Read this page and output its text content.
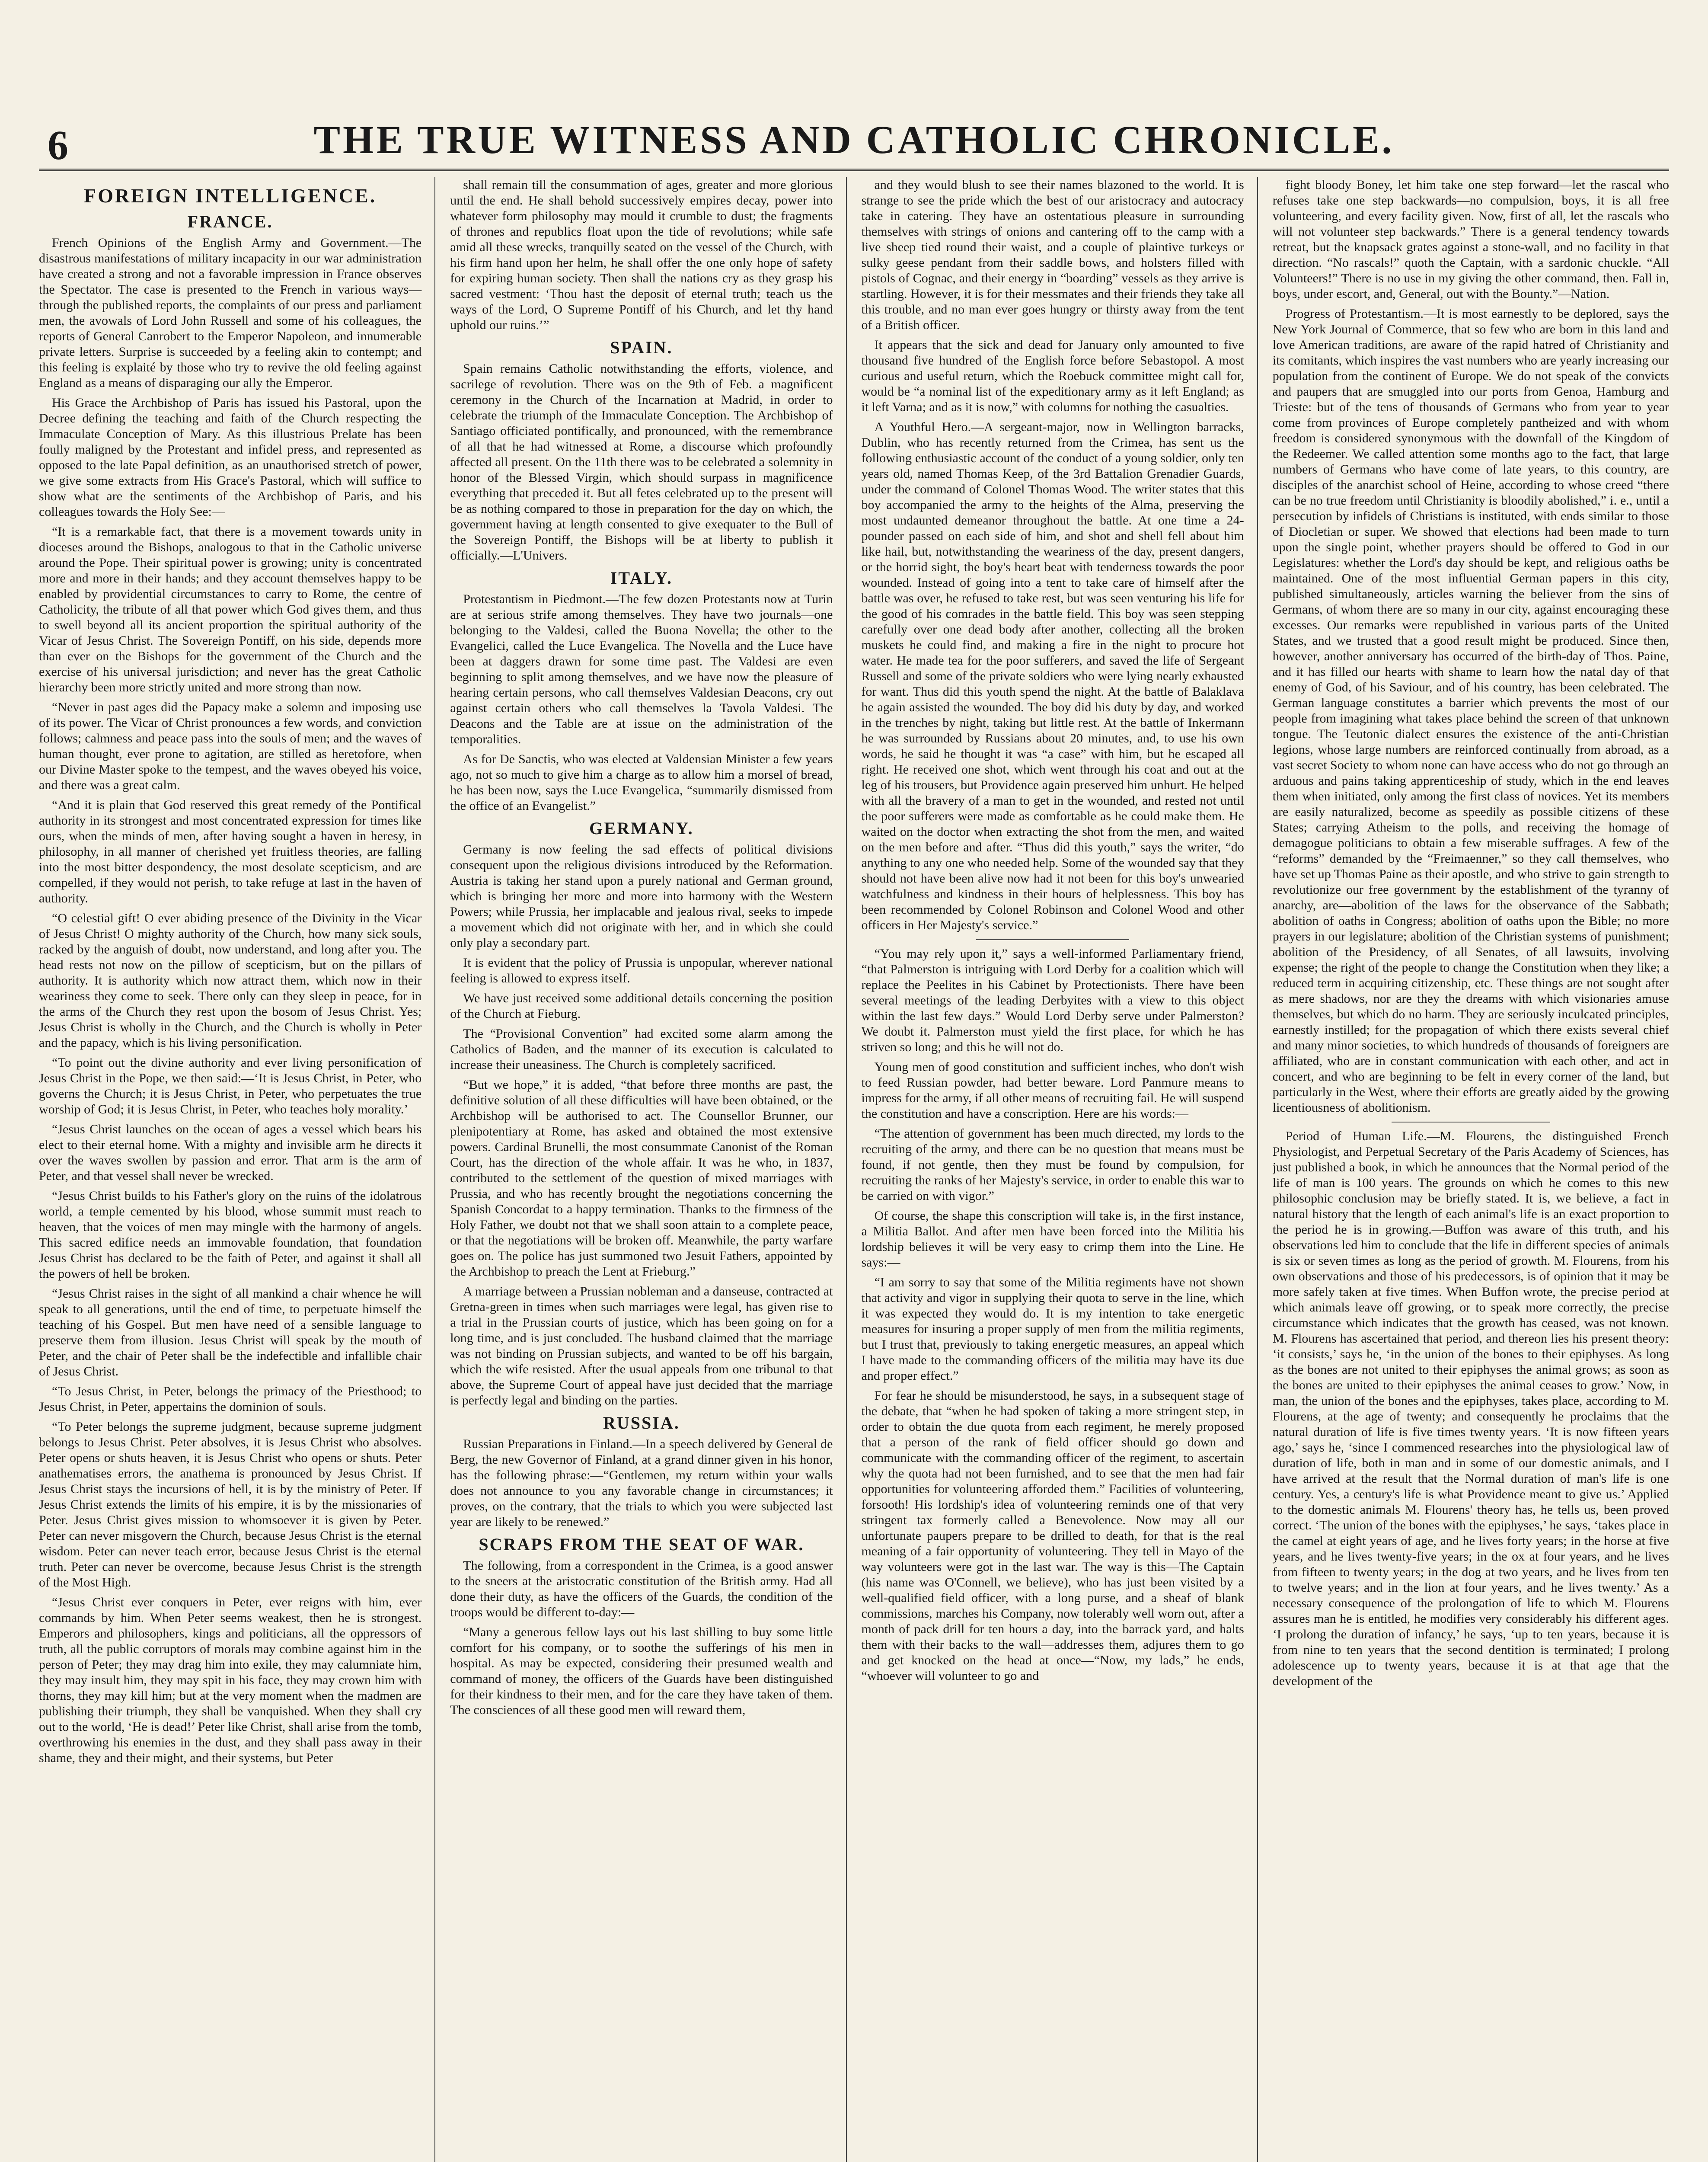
6	THE TRUE WITNESS AND CATHOLIC CHRONICLE.
FOREIGN INTELLIGENCE.
FRANCE.

French Opinions of the English Army and Government.—The disastrous manifestations of military incapacity in our war administration have created a strong and not a favorable impression in France observes the Spectator. The case is presented to the French in various ways—through the published reports, the complaints of our press and parliament men, the avowals of Lord John Russell and some of his colleagues, the reports of General Canrobert to the Emperor Napoleon, and innumerable private letters. Surprise is succeeded by a feeling akin to contempt; and this feeling is explaité by those who try to revive the old feeling against England as a means of disparaging our ally the Emperor.

His Grace the Archbishop of Paris has issued his Pastoral, upon the Decree defining the teaching and faith of the Church respecting the Immaculate Conception of Mary. As this illustrious Prelate has been foully maligned by the Protestant and infidel press, and represented as opposed to the late Papal definition, as an unauthorised stretch of power, we give some extracts from His Grace's Pastoral, which will suffice to show what are the sentiments of the Archbishop of Paris, and his colleagues towards the Holy See:—

“It is a remarkable fact, that there is a movement towards unity in dioceses around the Bishops, analogous to that in the Catholic universe around the Pope. Their spiritual power is growing; unity is concentrated more and more in their hands; and they account themselves happy to be enabled by providential circumstances to carry to Rome, the centre of Catholicity, the tribute of all that power which God gives them, and thus to swell beyond all its ancient proportion the spiritual authority of the Vicar of Jesus Christ. The Sovereign Pontiff, on his side, depends more than ever on the Bishops for the government of the Church and the exercise of his universal jurisdiction; and never has the great Catholic hierarchy been more strictly united and more strong than now.

“Never in past ages did the Papacy make a solemn and imposing use of its power. The Vicar of Christ pronounces a few words, and conviction follows; calmness and peace pass into the souls of men; and the waves of human thought, ever prone to agitation, are stilled as heretofore, when our Divine Master spoke to the tempest, and the waves obeyed his voice, and there was a great calm.

“And it is plain that God reserved this great remedy of the Pontifical authority in its strongest and most concentrated expression for times like ours, when the minds of men, after having sought a haven in heresy, in philosophy, in all manner of cherished yet fruitless theories, are falling into the most bitter despondency, the most desolate scepticism, and are compelled, if they would not perish, to take refuge at last in the haven of authority.

“O celestial gift! O ever abiding presence of the Divinity in the Vicar of Jesus Christ! O mighty authority of the Church, how many sick souls, racked by the anguish of doubt, now understand, and long after you. The head rests not now on the pillow of scepticism, but on the pillars of authority. It is authority which now attract them, which now in their weariness they come to seek. There only can they sleep in peace, for in the arms of the Church they rest upon the bosom of Jesus Christ. Yes; Jesus Christ is wholly in the Church, and the Church is wholly in Peter and the papacy, which is his living personification.

“To point out the divine authority and ever living personification of Jesus Christ in the Pope, we then said:—‘It is Jesus Christ, in Peter, who governs the Church; it is Jesus Christ, in Peter, who perpetuates the true worship of God; it is Jesus Christ, in Peter, who teaches holy morality.’

“Jesus Christ launches on the ocean of ages a vessel which bears his elect to their eternal home. With a mighty and invisible arm he directs it over the waves swollen by passion and error. That arm is the arm of Peter, and that vessel shall never be wrecked.

“Jesus Christ builds to his Father's glory on the ruins of the idolatrous world, a temple cemented by his blood, whose summit must reach to heaven, that the voices of men may mingle with the harmony of angels. This sacred edifice needs an immovable foundation, that foundation Jesus Christ has declared to be the faith of Peter, and against it shall all the powers of hell be broken.

“Jesus Christ raises in the sight of all mankind a chair whence he will speak to all generations, until the end of time, to perpetuate himself the teaching of his Gospel. But men have need of a sensible language to preserve them from illusion. Jesus Christ will speak by the mouth of Peter, and the chair of Peter shall be the indefectible and infallible chair of Jesus Christ.

“To Jesus Christ, in Peter, belongs the primacy of the Priesthood; to Jesus Christ, in Peter, appertains the dominion of souls.

“To Peter belongs the supreme judgment, because supreme judgment belongs to Jesus Christ. Peter absolves, it is Jesus Christ who absolves. Peter opens or shuts heaven, it is Jesus Christ who opens or shuts. Peter anathematises errors, the anathema is pronounced by Jesus Christ. If Jesus Christ stays the incursions of hell, it is by the ministry of Peter. If Jesus Christ extends the limits of his empire, it is by the missionaries of Peter. Jesus Christ gives mission to whomsoever it is given by Peter. Peter can never misgovern the Church, because Jesus Christ is the eternal wisdom. Peter can never teach error, because Jesus Christ is the eternal truth. Peter can never be overcome, because Jesus Christ is the strength of the Most High.

“Jesus Christ ever conquers in Peter, ever reigns with him, ever commands by him. When Peter seems weakest, then he is strongest. Emperors and philosophers, kings and politicians, all the oppressors of truth, all the public corruptors of morals may combine against him in the person of Peter; they may drag him into exile, they may calumniate him, they may insult him, they may spit in his face, they may crown him with thorns, they may kill him; but at the very moment when the madmen are publishing their triumph, they shall be vanquished. When they shall cry out to the world, ‘He is dead!’ Peter like Christ, shall arise from the tomb, overthrowing his enemies in the dust, and they shall pass away in their shame, they and their might, and their systems, but Peter

shall remain till the consummation of ages, greater and more glorious until the end. He shall behold successively empires decay, power into whatever form philosophy may mould it crumble to dust; the fragments of thrones and republics float upon the tide of revolutions; while safe amid all these wrecks, tranquilly seated on the vessel of the Church, with his firm hand upon her helm, he shall offer the one only hope of safety for expiring human society. Then shall the nations cry as they grasp his sacred vestment: ‘Thou hast the deposit of eternal truth; teach us the ways of the Lord, O Supreme Pontiff of his Church, and let thy hand uphold our ruins.’”

SPAIN.

Spain remains Catholic notwithstanding the efforts, violence, and sacrilege of revolution. There was on the 9th of Feb. a magnificent ceremony in the Church of the Incarnation at Madrid, in order to celebrate the triumph of the Immaculate Conception. The Archbishop of Santiago officiated pontifically, and pronounced, with the remembrance of all that he had witnessed at Rome, a discourse which profoundly affected all present. On the 11th there was to be celebrated a solemnity in honor of the Blessed Virgin, which should surpass in magnificence everything that preceded it. But all fetes celebrated up to the present will be as nothing compared to those in preparation for the day on which, the government having at length consented to give exequater to the Bull of the Sovereign Pontiff, the Bishops will be at liberty to publish it officially.—L'Univers.

ITALY.

Protestantism in Piedmont.—The few dozen Protestants now at Turin are at serious strife among themselves. They have two journals—one belonging to the Valdesi, called the Buona Novella; the other to the Evangelici, called the Luce Evangelica. The Novella and the Luce have been at daggers drawn for some time past. The Valdesi are even beginning to split among themselves, and we have now the pleasure of hearing certain persons, who call themselves Valdesian Deacons, cry out against certain others who call themselves la Tavola Valdesi. The Deacons and the Table are at issue on the administration of the temporalities.

As for De Sanctis, who was elected at Valdensian Minister a few years ago, not so much to give him a charge as to allow him a morsel of bread, he has been now, says the Luce Evangelica, “summarily dismissed from the office of an Evangelist.”

GERMANY.

Germany is now feeling the sad effects of political divisions consequent upon the religious divisions introduced by the Reformation. Austria is taking her stand upon a purely national and German ground, which is bringing her more and more into harmony with the Western Powers; while Prussia, her implacable and jealous rival, seeks to impede a movement which did not originate with her, and in which she could only play a secondary part.

It is evident that the policy of Prussia is unpopular, wherever national feeling is allowed to express itself.

We have just received some additional details concerning the position of the Church at Fieburg.

The “Provisional Convention” had excited some alarm among the Catholics of Baden, and the manner of its execution is calculated to increase their uneasiness. The Church is completely sacrificed.

“But we hope,” it is added, “that before three months are past, the definitive solution of all these difficulties will have been obtained, or the Archbishop will be authorised to act. The Counsellor Brunner, our plenipotentiary at Rome, has asked and obtained the most extensive powers. Cardinal Brunelli, the most consummate Canonist of the Roman Court, has the direction of the whole affair. It was he who, in 1837, contributed to the settlement of the question of mixed marriages with Prussia, and who has recently brought the negotiations concerning the Spanish Concordat to a happy termination. Thanks to the firmness of the Holy Father, we doubt not that we shall soon attain to a complete peace, or that the negotiations will be broken off. Meanwhile, the party warfare goes on. The police has just summoned two Jesuit Fathers, appointed by the Archbishop to preach the Lent at Frieburg.”

A marriage between a Prussian nobleman and a danseuse, contracted at Gretna-green in times when such marriages were legal, has given rise to a trial in the Prussian courts of justice, which has been going on for a long time, and is just concluded. The husband claimed that the marriage was not binding on Prussian subjects, and wanted to be off his bargain, which the wife resisted. After the usual appeals from one tribunal to that above, the Supreme Court of appeal have just decided that the marriage is perfectly legal and binding on the parties.

RUSSIA.

Russian Preparations in Finland.—In a speech delivered by General de Berg, the new Governor of Finland, at a grand dinner given in his honor, has the following phrase:—“Gentlemen, my return within your walls does not announce to you any favorable change in circumstances; it proves, on the contrary, that the trials to which you were subjected last year are likely to be renewed.”

SCRAPS FROM THE SEAT OF WAR.

The following, from a correspondent in the Crimea, is a good answer to the sneers at the aristocratic constitution of the British army. Had all done their duty, as have the officers of the Guards, the condition of the troops would be different to-day:—

“Many a generous fellow lays out his last shilling to buy some little comfort for his company, or to soothe the sufferings of his men in hospital. As may be expected, considering their presumed wealth and command of money, the officers of the Guards have been distinguished for their kindness to their men, and for the care they have taken of them. The consciences of all these good men will reward them,

and they would blush to see their names blazoned to the world. It is strange to see the pride which the best of our aristocracy and autocracy take in catering. They have an ostentatious pleasure in surrounding themselves with strings of onions and cantering off to the camp with a live sheep tied round their waist, and a couple of plaintive turkeys or sulky geese pendant from their saddle bows, and holsters filled with pistols of Cognac, and their energy in “boarding” vessels as they arrive is startling. However, it is for their messmates and their friends they take all this trouble, and no man ever goes hungry or thirsty away from the tent of a British officer.

It appears that the sick and dead for January only amounted to five thousand five hundred of the English force before Sebastopol. A most curious and useful return, which the Roebuck committee might call for, would be “a nominal list of the expeditionary army as it left England; as it left Varna; and as it is now,” with columns for nothing the casualties.

A Youthful Hero.—A sergeant-major, now in Wellington barracks, Dublin, who has recently returned from the Crimea, has sent us the following enthusiastic account of the conduct of a young soldier, only ten years old, named Thomas Keep, of the 3rd Battalion Grenadier Guards, under the command of Colonel Thomas Wood. The writer states that this boy accompanied the army to the heights of the Alma, preserving the most undaunted demeanor throughout the battle. At one time a 24-pounder passed on each side of him, and shot and shell fell about him like hail, but, notwithstanding the weariness of the day, present dangers, or the horrid sight, the boy's heart beat with tenderness towards the poor wounded. Instead of going into a tent to take care of himself after the battle was over, he refused to take rest, but was seen venturing his life for the good of his comrades in the battle field. This boy was seen stepping carefully over one dead body after another, collecting all the broken muskets he could find, and making a fire in the night to procure hot water. He made tea for the poor sufferers, and saved the life of Sergeant Russell and some of the private soldiers who were lying nearly exhausted for want. Thus did this youth spend the night. At the battle of Balaklava he again assisted the wounded. The boy did his duty by day, and worked in the trenches by night, taking but little rest. At the battle of Inkermann he was surrounded by Russians about 20 minutes, and, to use his own words, he said he thought it was “a case” with him, but he escaped all right. He received one shot, which went through his coat and out at the leg of his trousers, but Providence again preserved him unhurt. He helped with all the bravery of a man to get in the wounded, and rested not until the poor sufferers were made as comfortable as he could make them. He waited on the doctor when extracting the shot from the men, and waited on the men before and after. “Thus did this youth,” says the writer, “do anything to any one who needed help. Some of the wounded say that they should not have been alive now had it not been for this boy's unwearied watchfulness and kindness in their hours of helplessness. This boy has been recommended by Colonel Robinson and Colonel Wood and other officers in Her Majesty's service.”

“You may rely upon it,” says a well-informed Parliamentary friend, “that Palmerston is intriguing with Lord Derby for a coalition which will replace the Peelites in his Cabinet by Protectionists. There have been several meetings of the leading Derbyites with a view to this object within the last few days.” Would Lord Derby serve under Palmerston? We doubt it. Palmerston must yield the first place, for which he has striven so long; and this he will not do.

Young men of good constitution and sufficient inches, who don't wish to feed Russian powder, had better beware. Lord Panmure means to impress for the army, if all other means of recruiting fail. He will suspend the constitution and have a conscription. Here are his words:—

“The attention of government has been much directed, my lords to the recruiting of the army, and there can be no question that means must be found, if not gentle, then they must be found by compulsion, for recruiting the ranks of her Majesty's service, in order to enable this war to be carried on with vigor.”

Of course, the shape this conscription will take is, in the first instance, a Militia Ballot. And after men have been forced into the Militia his lordship believes it will be very easy to crimp them into the Line. He says:—

“I am sorry to say that some of the Militia regiments have not shown that activity and vigor in supplying their quota to serve in the line, which it was expected they would do. It is my intention to take energetic measures for insuring a proper supply of men from the militia regiments, but I trust that, previously to taking energetic measures, an appeal which I have made to the commanding officers of the militia may have its due and proper effect.”

For fear he should be misunderstood, he says, in a subsequent stage of the debate, that “when he had spoken of taking a more stringent step, in order to obtain the due quota from each regiment, he merely proposed that a person of the rank of field officer should go down and communicate with the commanding officer of the regiment, to ascertain why the quota had not been furnished, and to see that the men had fair opportunities for volunteering afforded them.” Facilities of volunteering, forsooth! His lordship's idea of volunteering reminds one of that very stringent tax formerly called a Benevolence. Now may all our unfortunate paupers prepare to be drilled to death, for that is the real meaning of a fair opportunity of volunteering. They tell in Mayo of the way volunteers were got in the last war. The way is this—The Captain (his name was O'Connell, we believe), who has just been visited by a well-qualified field officer, with a long purse, and a sheaf of blank commissions, marches his Company, now tolerably well worn out, after a month of pack drill for ten hours a day, into the barrack yard, and halts them with their backs to the wall—addresses them, adjures them to go and get knocked on the head at once—“Now, my lads,” he ends, “whoever will volunteer to go and

fight bloody Boney, let him take one step forward—let the rascal who refuses take one step backwards—no compulsion, boys, it is all free volunteering, and every facility given. Now, first of all, let the rascals who will not volunteer step backwards.” There is a general tendency towards retreat, but the knapsack grates against a stone-wall, and no facility in that direction. “No rascals!” quoth the Captain, with a sardonic chuckle. “All Volunteers!” There is no use in my giving the other command, then. Fall in, boys, under escort, and, General, out with the Bounty.”—Nation.

Progress of Protestantism.—It is most earnestly to be deplored, says the New York Journal of Commerce, that so few who are born in this land and love American traditions, are aware of the rapid hatred of Christianity and its comitants, which inspires the vast numbers who are yearly increasing our population from the continent of Europe. We do not speak of the convicts and paupers that are smuggled into our ports from Genoa, Hamburg and Trieste: but of the tens of thousands of Germans who from year to year come from provinces of Europe completely pantheized and with whom freedom is considered synonymous with the downfall of the Kingdom of the Redeemer. We called attention some months ago to the fact, that large numbers of Germans who have come of late years, to this country, are disciples of the anarchist school of Heine, according to whose creed “there can be no true freedom until Christianity is bloodily abolished,” i. e., until a persecution by infidels of Christians is instituted, with ends similar to those of Diocletian or super. We showed that elections had been made to turn upon the single point, whether prayers should be offered to God in our Legislatures: whether the Lord's day should be kept, and religious oaths be maintained. One of the most influential German papers in this city, published simultaneously, articles warning the believer from the sins of Germans, of whom there are so many in our city, against encouraging these excesses. Our remarks were republished in various parts of the United States, and we trusted that a good result might be produced. Since then, however, another anniversary has occurred of the birth-day of Thos. Paine, and it has filled our hearts with shame to learn how the natal day of that enemy of God, of his Saviour, and of his country, has been celebrated. The German language constitutes a barrier which prevents the most of our people from imagining what takes place behind the screen of that unknown tongue. The Teutonic dialect ensures the existence of the anti-Christian legions, whose large numbers are reinforced continually from abroad, as a vast secret Society to whom none can have access who do not go through an arduous and pains taking apprenticeship of study, which in the end leaves them when initiated, only among the first class of novices. Yet its members are easily naturalized, become as speedily as possible citizens of these States; carrying Atheism to the polls, and receiving the homage of demagogue politicians to obtain a few miserable suffrages. A few of the “reforms” demanded by the “Freimaenner,” so they call themselves, who have set up Thomas Paine as their apostle, and who strive to gain strength to revolutionize our free government by the establishment of the tyranny of anarchy, are—abolition of the laws for the observance of the Sabbath; abolition of oaths in Congress; abolition of oaths upon the Bible; no more prayers in our legislature; abolition of the Christian systems of punishment; abolition of the Presidency, of all Senates, of all lawsuits, involving expense; the right of the people to change the Constitution when they like; a reduced term in acquiring citizenship, etc. These things are not sought after as mere shadows, nor are they the dreams with which visionaries amuse themselves, but which do no harm. They are seriously inculcated principles, earnestly instilled; for the propagation of which there exists several chief and many minor societies, to which hundreds of thousands of foreigners are affiliated, who are in constant communication with each other, and act in concert, and who are beginning to be felt in every corner of the land, but particularly in the West, where their efforts are greatly aided by the growing licentiousness of abolitionism.

Period of Human Life.—M. Flourens, the distinguished French Physiologist, and Perpetual Secretary of the Paris Academy of Sciences, has just published a book, in which he announces that the Normal period of the life of man is 100 years. The grounds on which he comes to this new philosophic conclusion may be briefly stated. It is, we believe, a fact in natural history that the length of each animal's life is an exact proportion to the period he is in growing.—Buffon was aware of this truth, and his observations led him to conclude that the life in different species of animals is six or seven times as long as the period of growth. M. Flourens, from his own observations and those of his predecessors, is of opinion that it may be more safely taken at five times. When Buffon wrote, the precise period at which animals leave off growing, or to speak more correctly, the precise circumstance which indicates that the growth has ceased, was not known. M. Flourens has ascertained that period, and thereon lies his present theory: ‘it consists,’ says he, ‘in the union of the bones to their epiphyses. As long as the bones are not united to their epiphyses the animal grows; as soon as the bones are united to their epiphyses the animal ceases to grow.’ Now, in man, the union of the bones and the epiphyses, takes place, according to M. Flourens, at the age of twenty; and consequently he proclaims that the natural duration of life is five times twenty years. ‘It is now fifteen years ago,’ says he, ‘since I commenced researches into the physiological law of duration of life, both in man and in some of our domestic animals, and I have arrived at the result that the Normal duration of man's life is one century. Yes, a century's life is what Providence meant to give us.’ Applied to the domestic animals M. Flourens' theory has, he tells us, been proved correct. ‘The union of the bones with the epiphyses,’ he says, ‘takes place in the camel at eight years of age, and he lives forty years; in the horse at five years, and he lives twenty-five years; in the ox at four years, and he lives from fifteen to twenty years; in the dog at two years, and he lives from ten to twelve years; and in the lion at four years, and he lives twenty.’ As a necessary consequence of the prolongation of life to which M. Flourens assures man he is entitled, he modifies very considerably his different ages. ‘I prolong the duration of infancy,’ he says, ‘up to ten years, because it is from nine to ten years that the second dentition is terminated; I prolong adolescence up to twenty years, because it is at that age that the development of the
